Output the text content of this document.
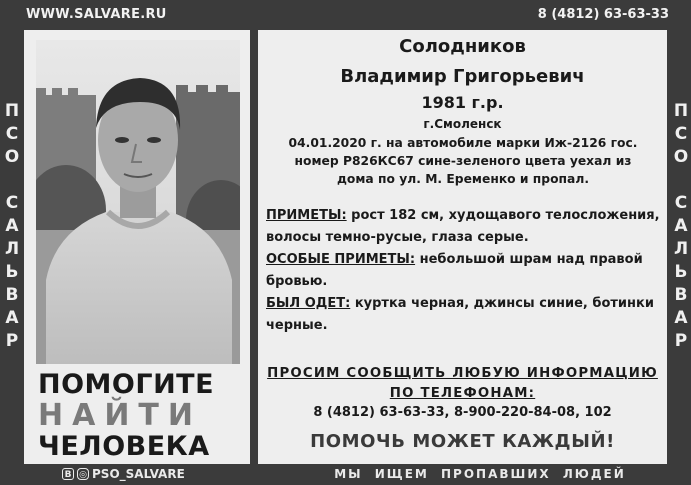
WWW.SALVARE.RU	8 (4812) 63-63-33
П
С
О

С
А
Л
Ь
В
А
Р
П
С
О

С
А
Л
Ь
В
А
Р
ПОМОГИТЕ
НАЙТИ
ЧЕЛОВЕКА
Солодников
Владимир Григорьевич
1981 г.р.
г.Смоленск
04.01.2020 г. на автомобиле марки Иж-2126 гос. номер Р826КС67 сине-зеленого цвета уехал из дома по ул. М. Еременко и пропал.

ПРИМЕТЫ: рост 182 см, худощавого телосложения, волосы темно-русые, глаза серые.

ОСОБЫЕ ПРИМЕТЫ: небольшой шрам над правой бровью.

БЫЛ ОДЕТ: куртка черная, джинсы синие, ботинки черные.

ПРОСИМ СООБЩИТЬ ЛЮБУЮ ИНФОРМАЦИЮ
ПО ТЕЛЕФОНАМ:
8 (4812) 63-63-33, 8-900-220-84-08, 102
ПОМОЧЬ МОЖЕТ КАЖДЫЙ!
В ◎ PSO_SALVARE	МЫ ИЩЕМ ПРОПАВШИХ ЛЮДЕЙ
